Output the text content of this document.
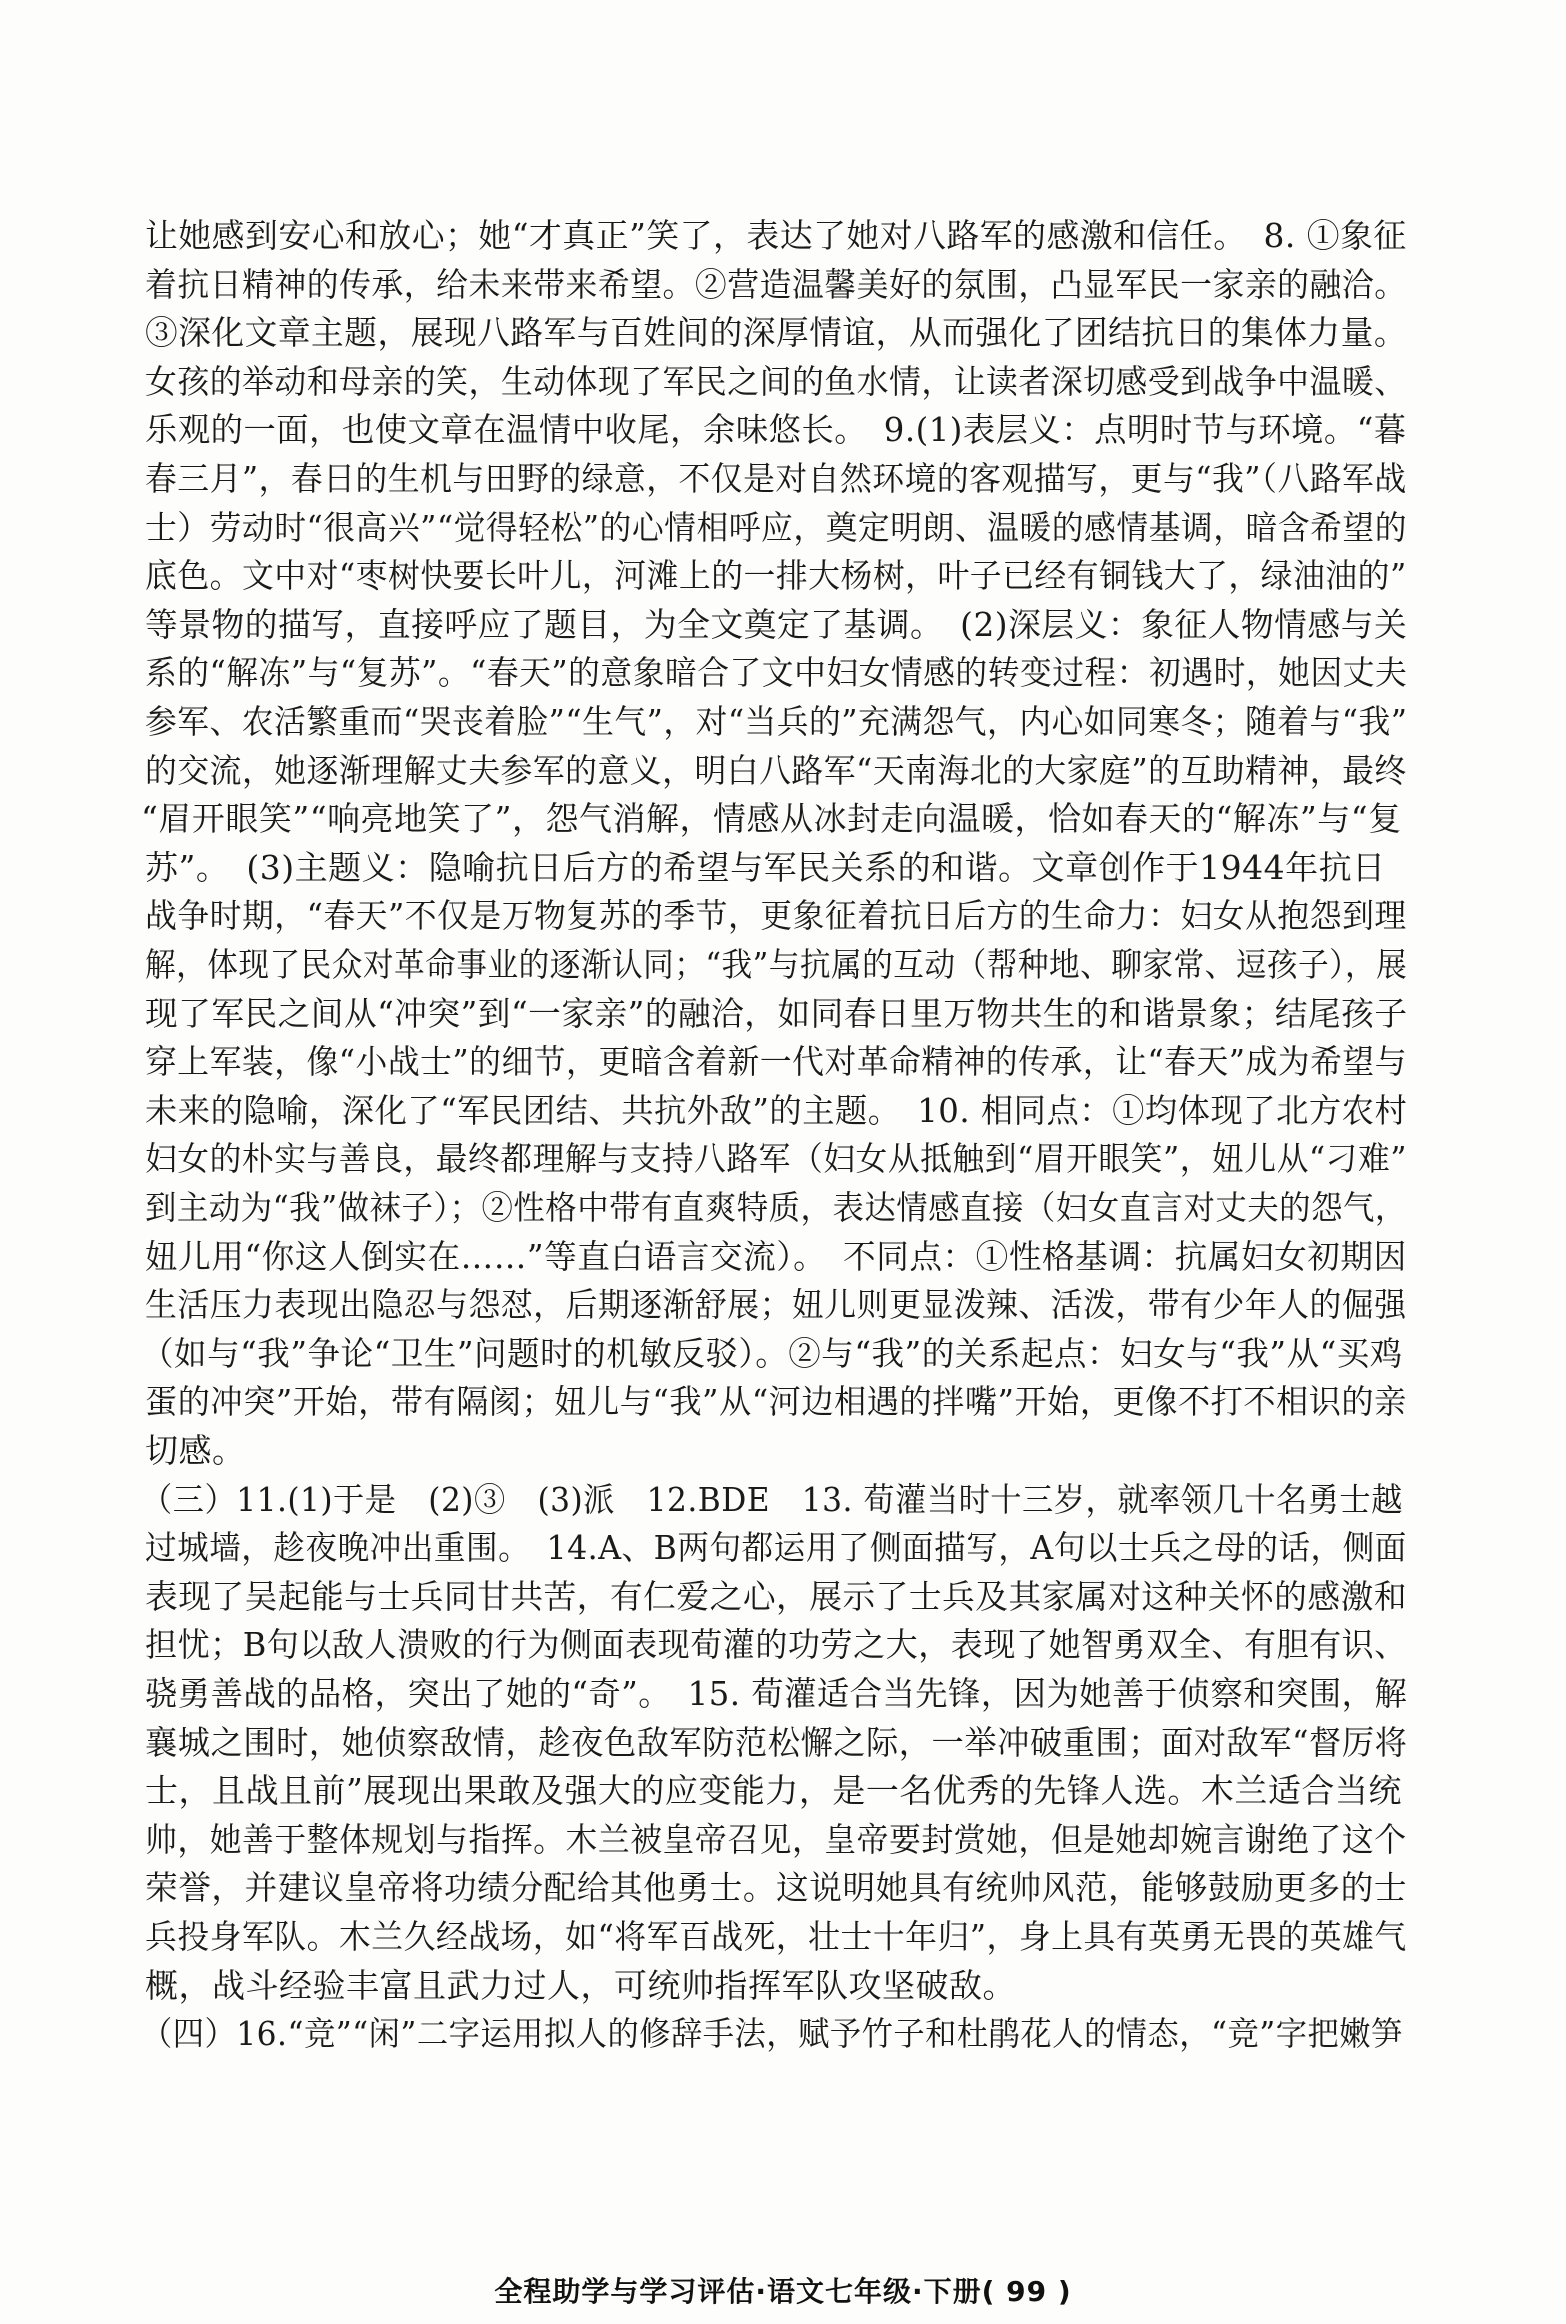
让她感到安心和放心；她“才真正”笑了，表达了她对八路军的感激和信任。　8. ①象征
着抗日精神的传承，给未来带来希望。②营造温馨美好的氛围，凸显军民一家亲的融洽。
③深化文章主题，展现八路军与百姓间的深厚情谊，从而强化了团结抗日的集体力量。
女孩的举动和母亲的笑，生动体现了军民之间的鱼水情，让读者深切感受到战争中温暖、
乐观的一面，也使文章在温情中收尾，余味悠长。　9.(1)表层义：点明时节与环境。“暮
春三月”，春日的生机与田野的绿意，不仅是对自然环境的客观描写，更与“我”（八路军战
士）劳动时“很高兴”“觉得轻松”的心情相呼应，奠定明朗、温暖的感情基调，暗含希望的
底色。文中对“枣树快要长叶儿，河滩上的一排大杨树，叶子已经有铜钱大了，绿油油的”
等景物的描写，直接呼应了题目，为全文奠定了基调。　(2)深层义：象征人物情感与关
系的“解冻”与“复苏”。“春天”的意象暗合了文中妇女情感的转变过程：初遇时，她因丈夫
参军、农活繁重而“哭丧着脸”“生气”，对“当兵的”充满怨气，内心如同寒冬；随着与“我”
的交流，她逐渐理解丈夫参军的意义，明白八路军“天南海北的大家庭”的互助精神，最终
“眉开眼笑”“响亮地笑了”，怨气消解，情感从冰封走向温暖，恰如春天的“解冻”与“复
苏”。　(3)主题义：隐喻抗日后方的希望与军民关系的和谐。文章创作于1944年抗日
战争时期，“春天”不仅是万物复苏的季节，更象征着抗日后方的生命力：妇女从抱怨到理
解，体现了民众对革命事业的逐渐认同；“我”与抗属的互动（帮种地、聊家常、逗孩子），展
现了军民之间从“冲突”到“一家亲”的融洽，如同春日里万物共生的和谐景象；结尾孩子
穿上军装，像“小战士”的细节，更暗含着新一代对革命精神的传承，让“春天”成为希望与
未来的隐喻，深化了“军民团结、共抗外敌”的主题。　10. 相同点：①均体现了北方农村
妇女的朴实与善良，最终都理解与支持八路军（妇女从抵触到“眉开眼笑”，妞儿从“刁难”
到主动为“我”做袜子）；②性格中带有直爽特质，表达情感直接（妇女直言对丈夫的怨气，
妞儿用“你这人倒实在……”等直白语言交流）。　不同点：①性格基调：抗属妇女初期因
生活压力表现出隐忍与怨怼，后期逐渐舒展；妞儿则更显泼辣、活泼，带有少年人的倔强
（如与“我”争论“卫生”问题时的机敏反驳）。②与“我”的关系起点：妇女与“我”从“买鸡
蛋的冲突”开始，带有隔阂；妞儿与“我”从“河边相遇的拌嘴”开始，更像不打不相识的亲
切感。
（三）11.(1)于是　(2)③　(3)派　12.BDE　13. 荀灌当时十三岁，就率领几十名勇士越
过城墙，趁夜晚冲出重围。　14.A、B两句都运用了侧面描写，A句以士兵之母的话，侧面
表现了吴起能与士兵同甘共苦，有仁爱之心，展示了士兵及其家属对这种关怀的感激和
担忧；B句以敌人溃败的行为侧面表现荀灌的功劳之大，表现了她智勇双全、有胆有识、
骁勇善战的品格，突出了她的“奇”。　15. 荀灌适合当先锋，因为她善于侦察和突围，解
襄城之围时，她侦察敌情，趁夜色敌军防范松懈之际，一举冲破重围；面对敌军“督厉将
士，且战且前”展现出果敢及强大的应变能力，是一名优秀的先锋人选。木兰适合当统
帅，她善于整体规划与指挥。木兰被皇帝召见，皇帝要封赏她，但是她却婉言谢绝了这个
荣誉，并建议皇帝将功绩分配给其他勇士。这说明她具有统帅风范，能够鼓励更多的士
兵投身军队。木兰久经战场，如“将军百战死，壮士十年归”，身上具有英勇无畏的英雄气
概，战斗经验丰富且武力过人，可统帅指挥军队攻坚破敌。
（四）16.“竞”“闲”二字运用拟人的修辞手法，赋予竹子和杜鹃花人的情态，“竞”字把嫩笋
全程助学与学习评估·语文七年级·下册( 99 )
